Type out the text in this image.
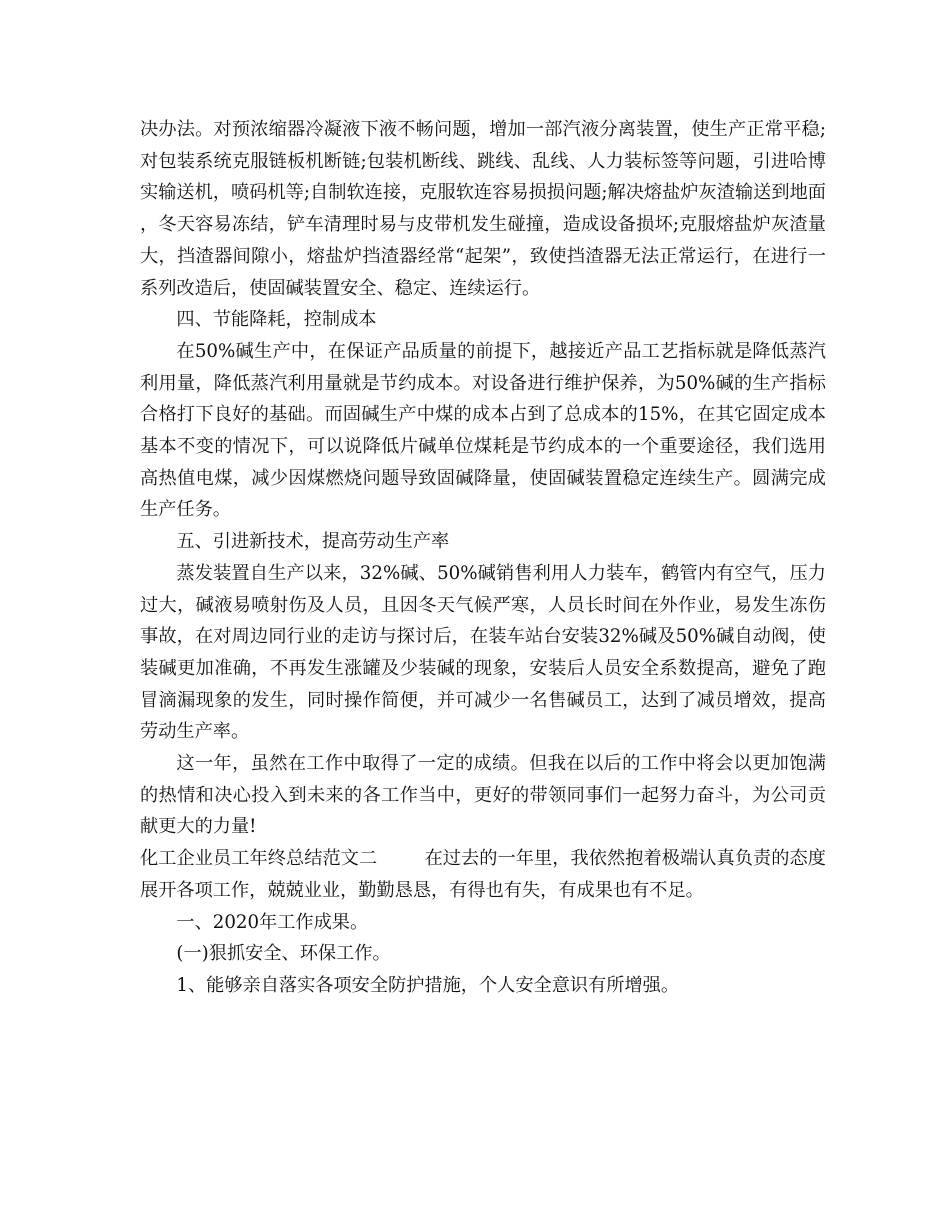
决办法。对预浓缩器冷凝液下液不畅问题，增加一部汽液分离装置，使生产正常平稳;对包装系统克服链板机断链;包装机断线、跳线、乱线、人力装标签等问题，引进哈博实输送机，喷码机等;自制软连接，克服软连容易损损问题;解决熔盐炉灰渣输送到地面，冬天容易冻结，铲车清理时易与皮带机发生碰撞，造成设备损坏;克服熔盐炉灰渣量大，挡渣器间隙小，熔盐炉挡渣器经常“起架”，致使挡渣器无法正常运行，在进行一系列改造后，使固碱装置安全、稳定、连续运行。

四、节能降耗，控制成本

在50%碱生产中，在保证产品质量的前提下，越接近产品工艺指标就是降低蒸汽利用量，降低蒸汽利用量就是节约成本。对设备进行维护保养，为50%碱的生产指标合格打下良好的基础。而固碱生产中煤的成本占到了总成本的15%，在其它固定成本基本不变的情况下，可以说降低片碱单位煤耗是节约成本的一个重要途径，我们选用高热值电煤，减少因煤燃烧问题导致固碱降量，使固碱装置稳定连续生产。圆满完成生产任务。

五、引进新技术，提高劳动生产率

蒸发装置自生产以来，32%碱、50%碱销售利用人力装车，鹤管内有空气，压力过大，碱液易喷射伤及人员，且因冬天气候严寒，人员长时间在外作业，易发生冻伤事故，在对周边同行业的走访与探讨后，在装车站台安装32%碱及50%碱自动阀，使装碱更加准确，不再发生涨罐及少装碱的现象，安装后人员安全系数提高，避免了跑冒滴漏现象的发生，同时操作简便，并可减少一名售碱员工，达到了减员增效，提高劳动生产率。

这一年，虽然在工作中取得了一定的成绩。但我在以后的工作中将会以更加饱满的热情和决心投入到未来的各工作当中，更好的带领同事们一起努力奋斗，为公司贡献更大的力量!

化工企业员工年终总结范文二	在过去的一年里，我依然抱着极端认真负责的态度展开各项工作，兢兢业业，勤勤恳恳，有得也有失，有成果也有不足。

一、2020年工作成果。

(一)狠抓安全、环保工作。

1、能够亲自落实各项安全防护措施，个人安全意识有所增强。
